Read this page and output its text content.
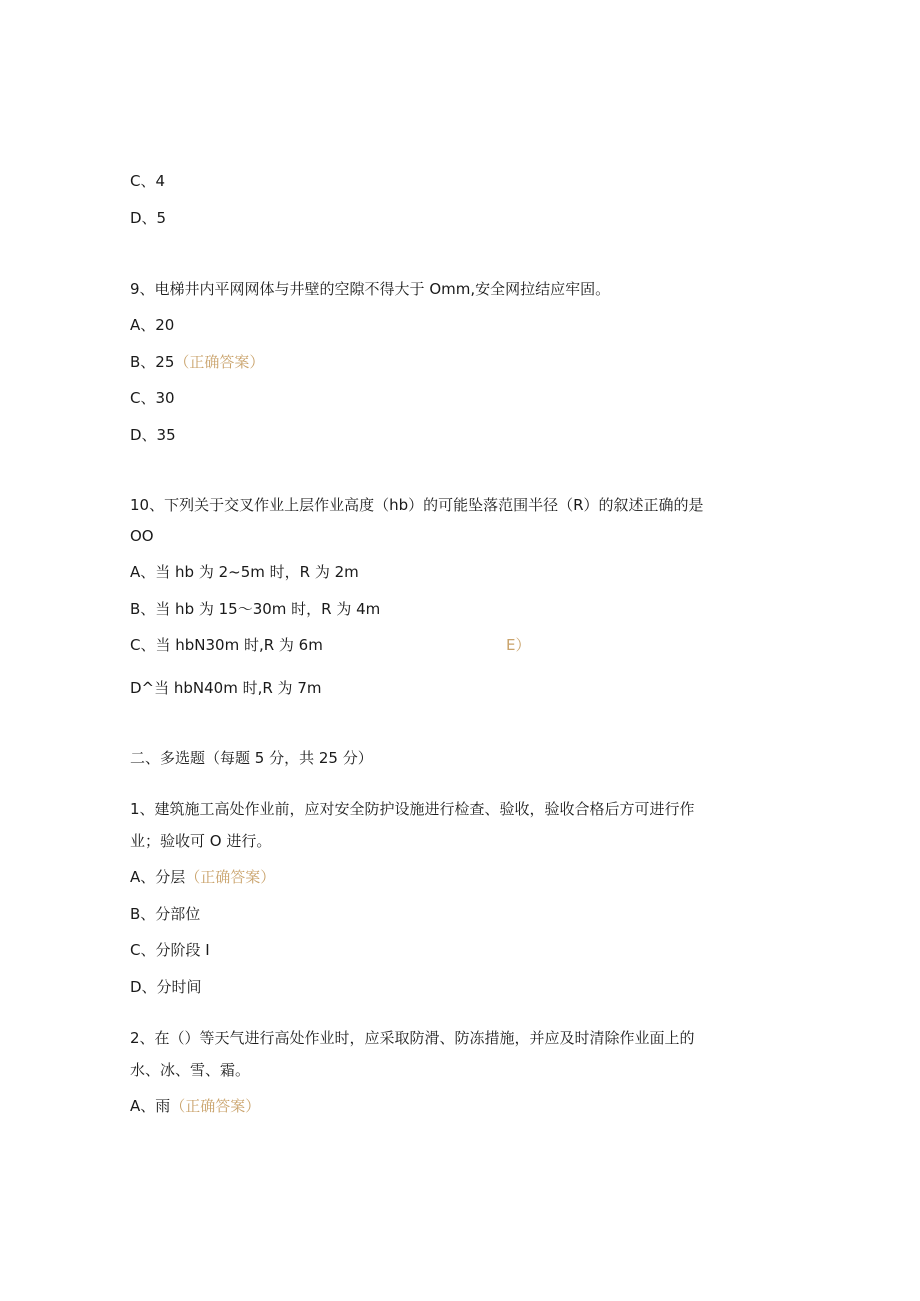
C、4
D、5
9、电梯井内平网网体与井壁的空隙不得大于 Omm,安全网拉结应牢固。
A、20
B、25（正确答案）
C、30
D、35
10、下列关于交叉作业上层作业高度（hb）的可能坠落范围半径（R）的叙述正确的是
OO
A、当 hb 为 2~5m 时，R 为 2m
B、当 hb 为 15～30m 时，R 为 4m
C、当 hbN30m 时,R 为 6m	E）
D^当 hbN40m 时,R 为 7m
二、多选题（每题 5 分，共 25 分）
1、建筑施工高处作业前，应对安全防护设施进行检查、验收，验收合格后方可进行作
业；验收可 O 进行。
A、分层（正确答案）
B、分部位
C、分阶段 I
D、分时间
2、在（）等天气进行高处作业时，应采取防滑、防冻措施，并应及时清除作业面上的
水、冰、雪、霜。
A、雨（正确答案）
